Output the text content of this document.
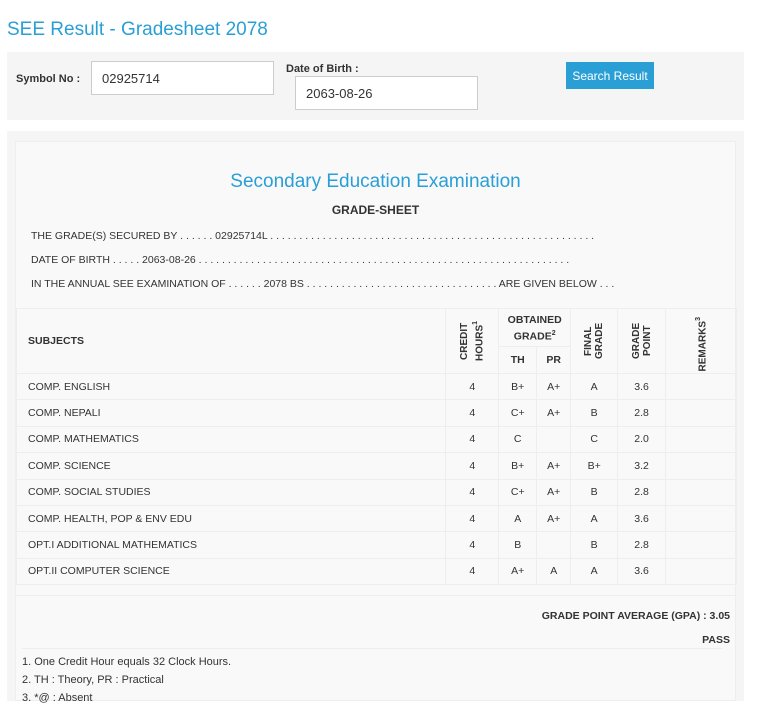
SEE Result - Gradesheet 2078
Symbol No :
02925714
Date of Birth :
2063-08-26	Search Result
Secondary Education Examination
GRADE-SHEET
THE GRADE(S) SECURED BY . . . . . . 02925714L . . . . . . . . . . . . . . . . . . . . . . . . . . . . . . . . . . . . . . . . . . . . . . . . . . . . . . . .
DATE OF BIRTH . . . . . 2063-08-26 . . . . . . . . . . . . . . . . . . . . . . . . . . . . . . . . . . . . . . . . . . . . . . . . . . . . . . . . . . . . . . . .
IN THE ANNUAL SEE EXAMINATION OF . . . . . . 2078 BS . . . . . . . . . . . . . . . . . . . . . . . . . . . . . . . . . ARE GIVEN BELOW . . .
SUBJECTS	CREDIT HOURS$^1$	OBTAINED GRADE$^2$		FINAL GRADE	GRADE POINT	REMARKS$^3$

		TH	PR			
COMP. ENGLISH	4	B+	A+	A	3.6	
COMP. NEPALI	4	C+	A+	B	2.8	
COMP. MATHEMATICS	4	C		C	2.0	
COMP. SCIENCE	4	B+	A+	B+	3.2	
COMP. SOCIAL STUDIES	4	C+	A+	B	2.8	
COMP. HEALTH, POP & ENV EDU	4	A	A+	A	3.6	
OPT.I ADDITIONAL MATHEMATICS	4	B		B	2.8	
OPT.II COMPUTER SCIENCE	4	A+	A	A	3.6	
GRADE POINT AVERAGE (GPA) : 3.05
PASS
1. One Credit Hour equals 32 Clock Hours.
2. TH : Theory, PR : Practical
3. *@ : Absent
